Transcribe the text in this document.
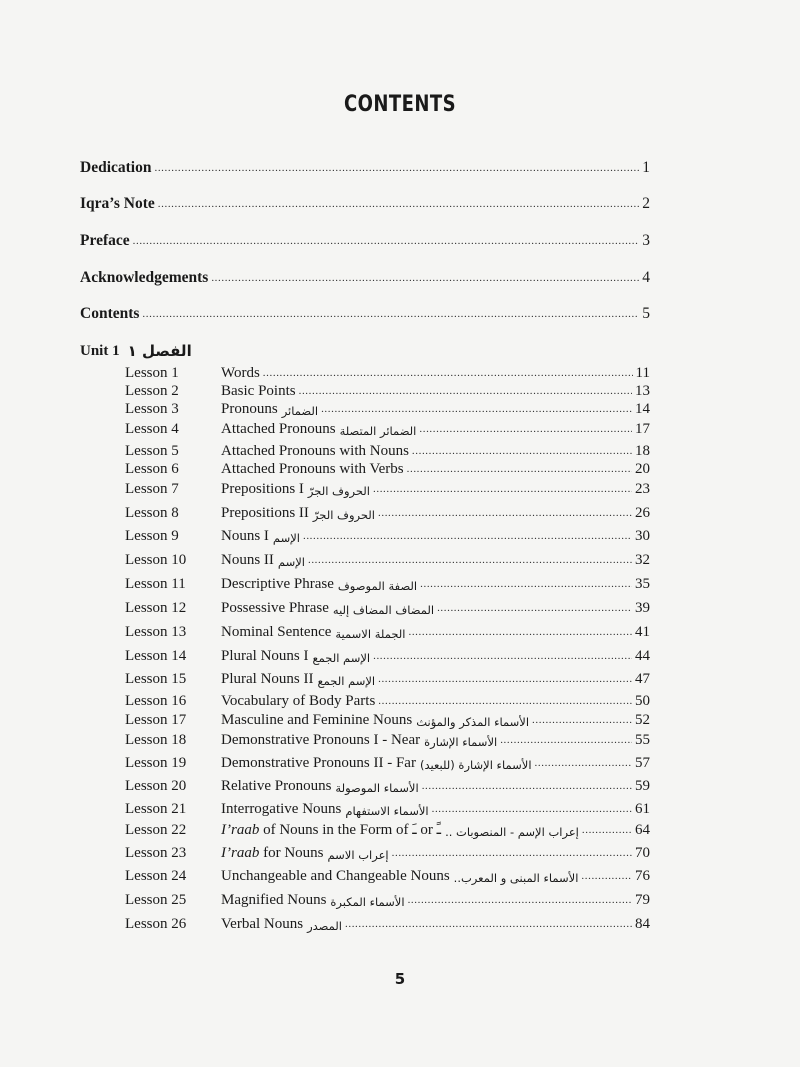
CONTENTS
Dedication .....	1
Iqra’s Note .....	2
Preface .....	3
Acknowledgements .....	4
Contents .....	5
Unit 1 الفصل ١
Lesson 1	Words .....	11
Lesson 2	Basic Points .....	13
Lesson 3	Pronouns الضمائر .....	14
Lesson 4	Attached Pronouns الضمائر المتصلة .....	17
Lesson 5	Attached Pronouns with Nouns .....	18
Lesson 6	Attached Pronouns with Verbs .....	20
Lesson 7	Prepositions I الحروف الجرّ .....	23
Lesson 8	Prepositions II الحروف الجرّ .....	26
Lesson 9	Nouns I الإسم .....	30
Lesson 10	Nouns II الإسم .....	32
Lesson 11	Descriptive Phrase الصفة الموصوف .....	35
Lesson 12	Possessive Phrase المضاف المضاف إليه .....	39
Lesson 13	Nominal Sentence الجملة الاسمية .....	41
Lesson 14	Plural Nouns I الإسم الجمع .....	44
Lesson 15	Plural Nouns II الإسم الجمع .....	47
Lesson 16	Vocabulary of Body Parts .....	50
Lesson 17	Masculine and Feminine Nouns الأسماء المذكر والمؤنث .....	52
Lesson 18	Demonstrative Pronouns I - Near الأسماء الإشارة .....	55
Lesson 19	Demonstrative Pronouns II - Far الأسماء الإشارة (للبعيد) .....	57
Lesson 20	Relative Pronouns الأسماء الموصولة .....	59
Lesson 21	Interrogative Nouns الأسماء الاستفهام .....	61
Lesson 22	I’raab of Nouns in the Form of ـَ or ـً إعراب الإسم - المنصوبات .. .....	64
Lesson 23	I’raab for Nouns إعراب الاسم .....	70
Lesson 24	Unchangeable and Changeable Nouns الأسماء المبنى و المعرب.. .....	76
Lesson 25	Magnified Nouns الأسماء المكبرة .....	79
Lesson 26	Verbal Nouns المصدر .....	84
5
